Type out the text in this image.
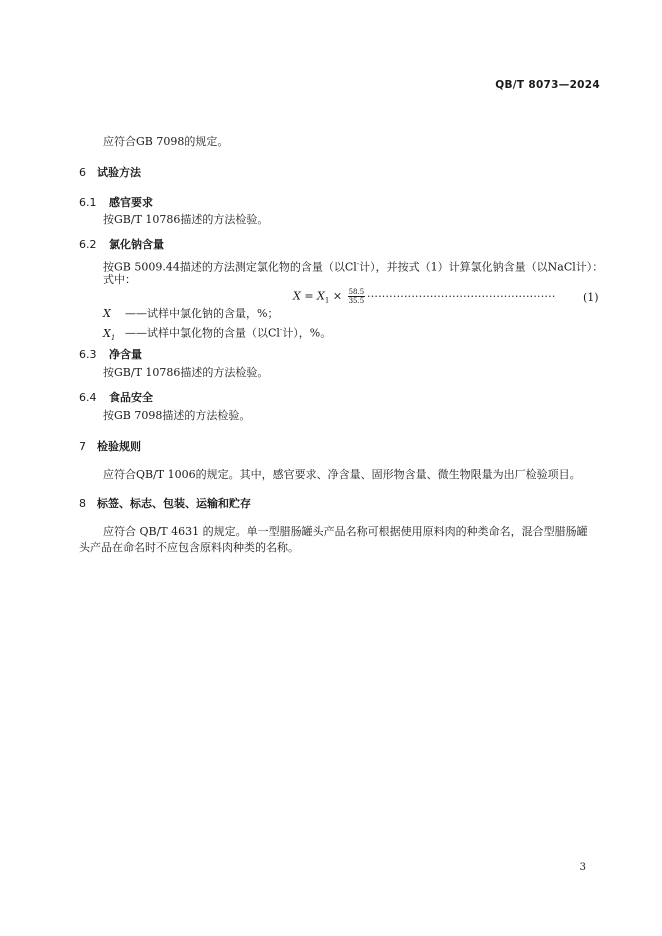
QB/T 8073—2024
应符合GB 7098的规定。
6 试验方法
6.1 感官要求
按GB/T 10786描述的方法检验。
6.2 氯化钠含量
按GB 5009.44描述的方法测定氯化物的含量（以Cl-计），并按式（1）计算氯化钠含量（以NaCl计）：
式中：
$X = X_1 \times \frac{58.5}{35.5}$ ··················································· (1)
X ——试样中氯化钠的含量，%；
$X_1$ ——试样中氯化物的含量（以Cl-计），%。
6.3 净含量
按GB/T 10786描述的方法检验。
6.4 食品安全
按GB 7098描述的方法检验。
7 检验规则
应符合QB/T 1006的规定。其中，感官要求、净含量、固形物含量、微生物限量为出厂检验项目。
8 标签、标志、包装、运输和贮存
应符合 QB/T 4631 的规定。单一型腊肠罐头产品名称可根据使用原料肉的种类命名，混合型腊肠罐
头产品在命名时不应包含原料肉种类的名称。
3
